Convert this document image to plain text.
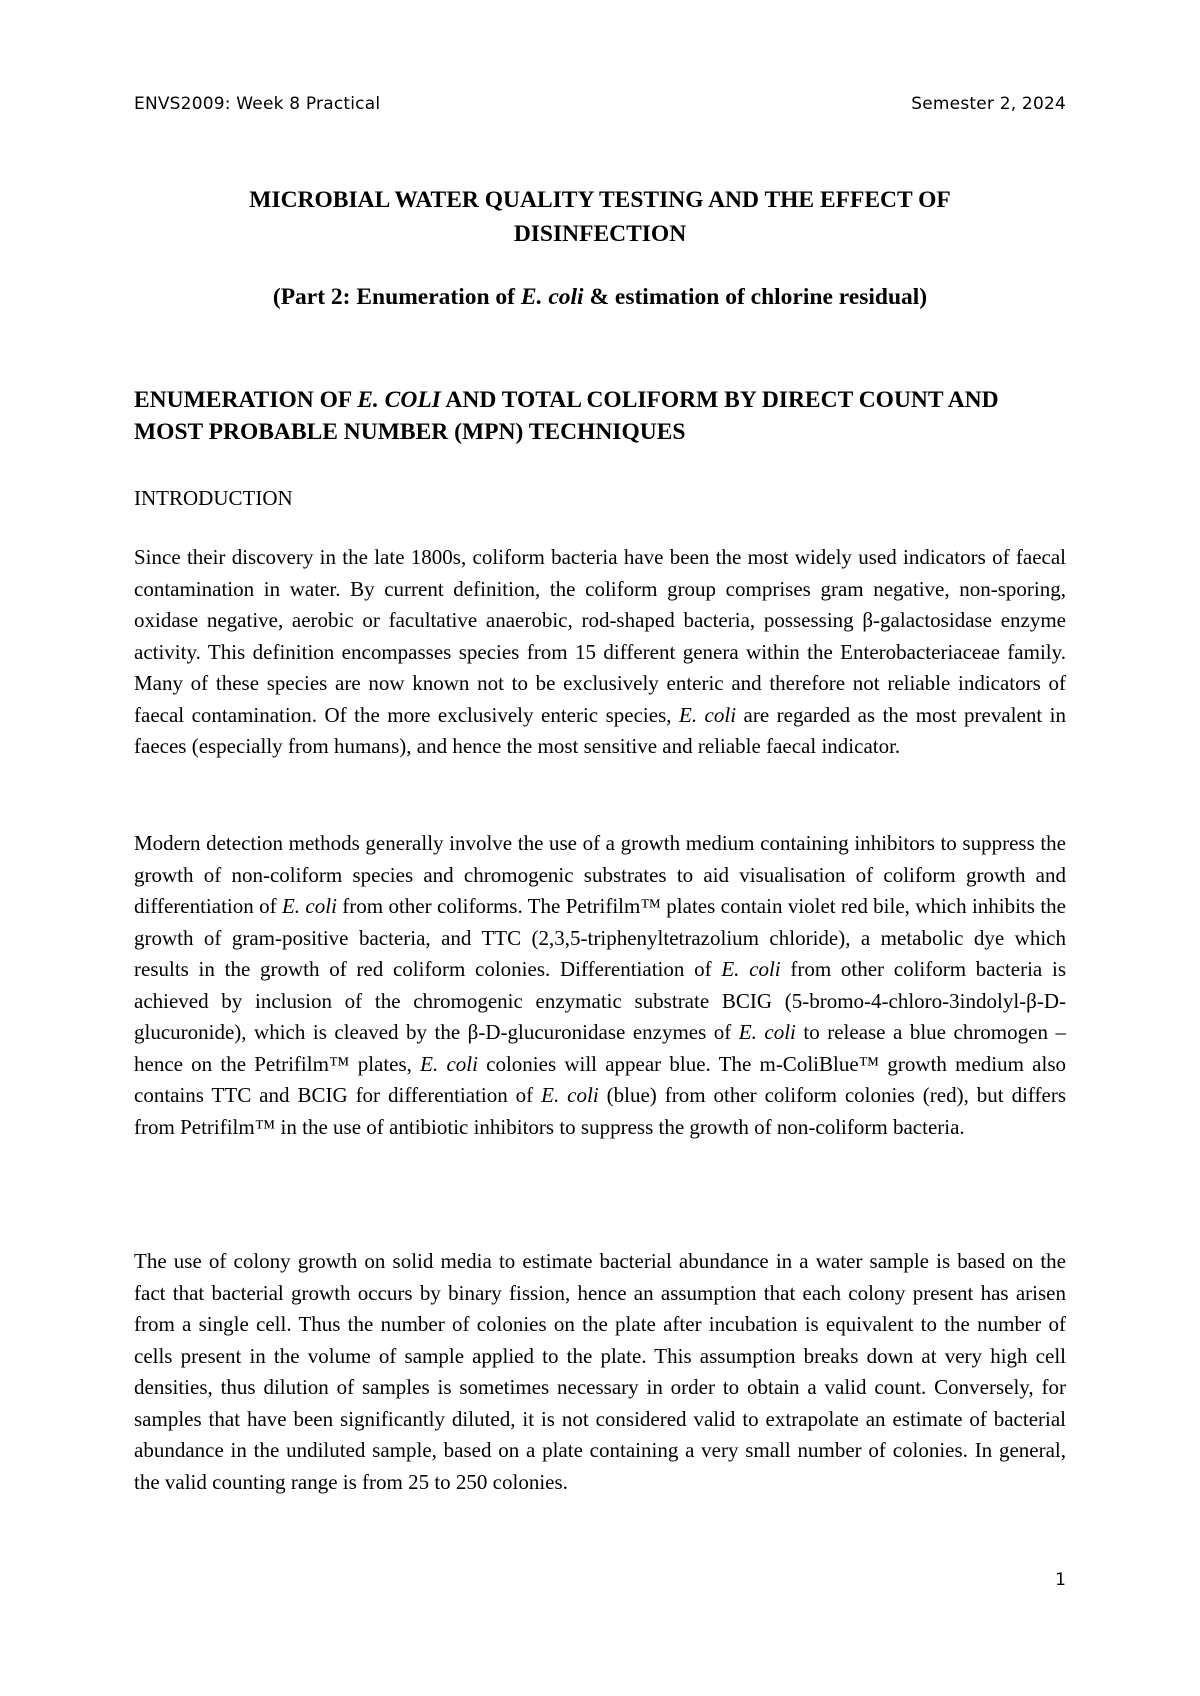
ENVS2009: Week 8 Practical	Semester 2, 2024
MICROBIAL WATER QUALITY TESTING AND THE EFFECT OF
DISINFECTION
(Part 2: Enumeration of E. coli & estimation of chlorine residual)
ENUMERATION OF E. COLI AND TOTAL COLIFORM BY DIRECT COUNT AND MOST PROBABLE NUMBER (MPN) TECHNIQUES
INTRODUCTION

Since their discovery in the late 1800s, coliform bacteria have been the most widely used indicators of faecal contamination in water. By current definition, the coliform group comprises gram negative, non-sporing, oxidase negative, aerobic or facultative anaerobic, rod-shaped bacteria, possessing β-galactosidase enzyme activity. This definition encompasses species from 15 different genera within the Enterobacteriaceae family. Many of these species are now known not to be exclusively enteric and therefore not reliable indicators of faecal contamination. Of the more exclusively enteric species, E. coli are regarded as the most prevalent in faeces (especially from humans), and hence the most sensitive and reliable faecal indicator.

Modern detection methods generally involve the use of a growth medium containing inhibitors to suppress the growth of non-coliform species and chromogenic substrates to aid visualisation of coliform growth and differentiation of E. coli from other coliforms. The Petrifilm™ plates contain violet red bile, which inhibits the growth of gram-positive bacteria, and TTC (2,3,5-triphenyltetrazolium chloride), a metabolic dye which results in the growth of red coliform colonies. Differentiation of E. coli from other coliform bacteria is achieved by inclusion of the chromogenic enzymatic substrate BCIG (5-bromo-4-chloro-3indolyl-β-D-glucuronide), which is cleaved by the β-D-glucuronidase enzymes of E. coli to release a blue chromogen – hence on the Petrifilm™ plates, E. coli colonies will appear blue. The m-ColiBlue™ growth medium also contains TTC and BCIG for differentiation of E. coli (blue) from other coliform colonies (red), but differs from Petrifilm™ in the use of antibiotic inhibitors to suppress the growth of non-coliform bacteria.

The use of colony growth on solid media to estimate bacterial abundance in a water sample is based on the fact that bacterial growth occurs by binary fission, hence an assumption that each colony present has arisen from a single cell. Thus the number of colonies on the plate after incubation is equivalent to the number of cells present in the volume of sample applied to the plate. This assumption breaks down at very high cell densities, thus dilution of samples is sometimes necessary in order to obtain a valid count. Conversely, for samples that have been significantly diluted, it is not considered valid to extrapolate an estimate of bacterial abundance in the undiluted sample, based on a plate containing a very small number of colonies. In general, the valid counting range is from 25 to 250 colonies.

1
